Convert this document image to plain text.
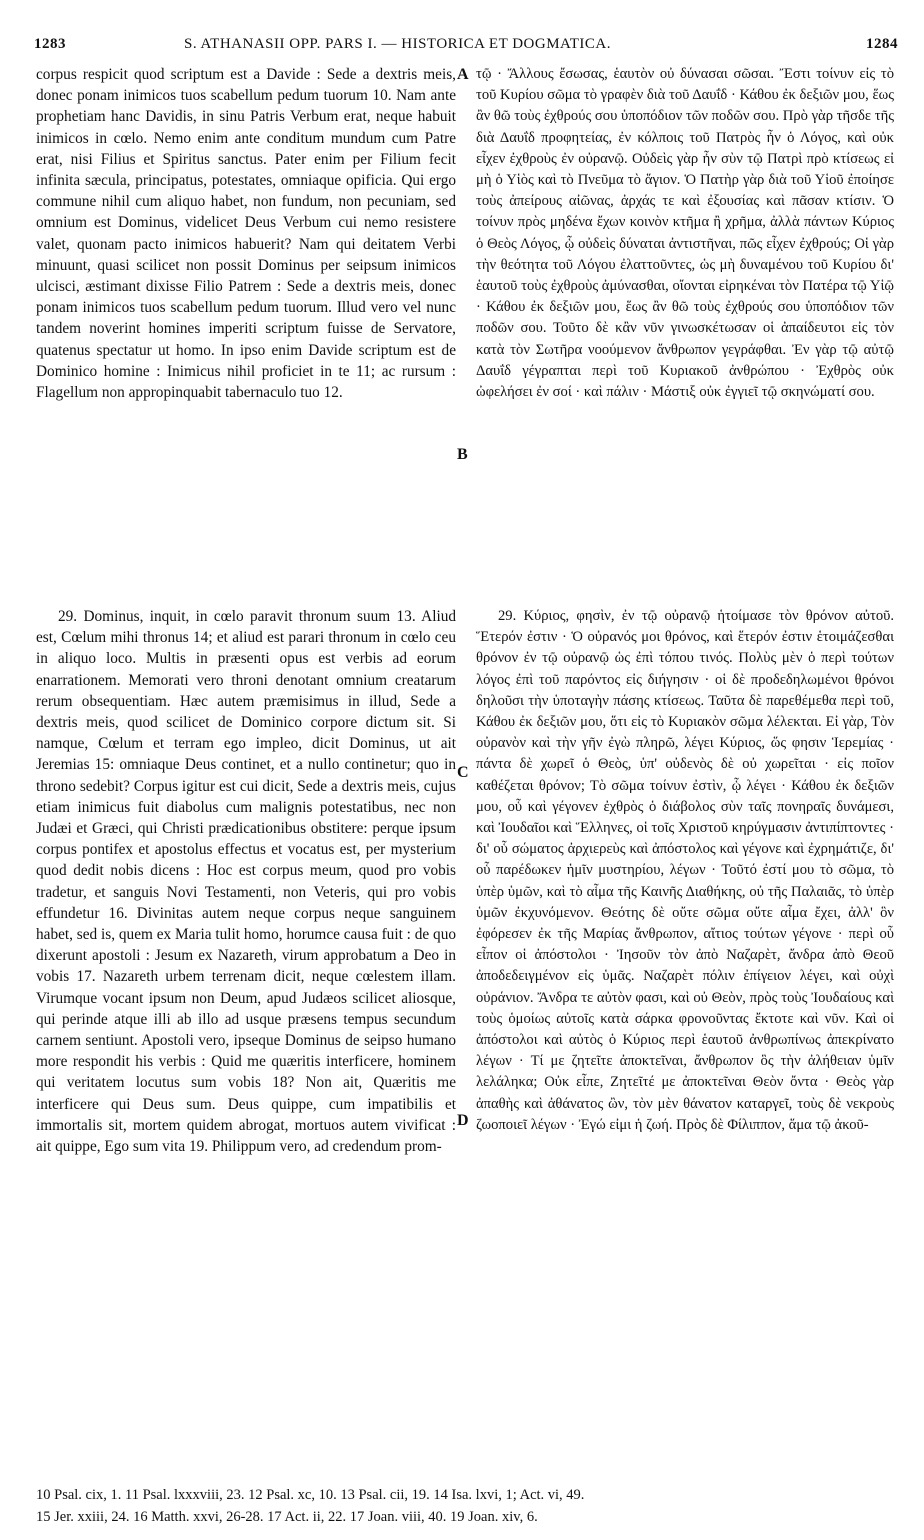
1283	S. ATHANASII OPP. PARS I. — HISTORICA ET DOGMATICA.	1284

corpus respicit quod scriptum est a Davide : Sede a dextris meis, donec ponam inimicos tuos scabellum pedum tuorum 10. Nam ante prophetiam hanc Davidis, in sinu Patris Verbum erat, neque habuit inimicos in cœlo. Nemo enim ante conditum mundum cum Patre erat, nisi Filius et Spiritus sanctus. Pater enim per Filium fecit infinita sæcula, principatus, potestates, omniaque opificia. Qui ergo commune nihil cum aliquo habet, non fundum, non pecuniam, sed omnium est Dominus, videlicet Deus Verbum cui nemo resistere valet, quonam pacto inimicos habuerit? Nam qui deitatem Verbi minuunt, quasi scilicet non possit Dominus per seipsum inimicos ulcisci, æstimant dixisse Filio Patrem : Sede a dextris meis, donec ponam inimicos tuos scabellum pedum tuorum. Illud vero vel nunc tandem noverint homines imperiti scriptum fuisse de Servatore, quatenus spectatur ut homo. In ipso enim Davide scriptum est de Dominico homine : Inimicus nihil proficiet in te 11; ac rursum : Flagellum non appropinquabit tabernaculo tuo 12.

29. Dominus, inquit, in cœlo paravit thronum suum 13. Aliud est, Cœlum mihi thronus 14; et aliud est parari thronum in cœlo ceu in aliquo loco. Multis in præsenti opus est verbis ad eorum enarrationem. Memorati vero throni denotant omnium creatarum rerum obsequentiam. Hæc autem præmisimus in illud, Sede a dextris meis, quod scilicet de Dominico corpore dictum sit. Si namque, Cœlum et terram ego impleo, dicit Dominus, ut ait Jeremias 15: omniaque Deus continet, et a nullo continetur; quo in throno sedebit? Corpus igitur est cui dicit, Sede a dextris meis, cujus etiam inimicus fuit diabolus cum malignis potestatibus, nec non Judæi et Græci, qui Christi prædicationibus obstitere: perque ipsum corpus pontifex et apostolus effectus et vocatus est, per mysterium quod dedit nobis dicens : Hoc est corpus meum, quod pro vobis tradetur, et sanguis Novi Testamenti, non Veteris, qui pro vobis effundetur 16. Divinitas autem neque corpus neque sanguinem habet, sed is, quem ex Maria tulit homo, horumce causa fuit : de quo dixerunt apostoli : Jesum ex Nazareth, virum approbatum a Deo in vobis 17. Nazareth urbem terrenam dicit, neque cœlestem illam. Virumque vocant ipsum non Deum, apud Judæos scilicet aliosque, qui perinde atque illi ab illo ad usque præsens tempus secundum carnem sentiunt. Apostoli vero, ipseque Dominus de seipso humano more respondit his verbis : Quid me quæritis interficere, hominem qui veritatem locutus sum vobis 18? Non ait, Quæritis me interficere qui Deus sum. Deus quippe, cum impatibilis et immortalis sit, mortem quidem abrogat, mortuos autem vivificat : ait quippe, Ego sum vita 19. Philippum vero, ad credendum prom-

A
B
C
D

τῷ · Ἄλλους ἔσωσας, ἑαυτὸν οὐ δύνασαι σῶσαι. Ἔστι τοίνυν εἰς τὸ τοῦ Κυρίου σῶμα τὸ γραφὲν διὰ τοῦ Δαυΐδ · Κάθου ἐκ δεξιῶν μου, ἕως ἂν θῶ τοὺς ἐχθρούς σου ὑποπόδιον τῶν ποδῶν σου. Πρὸ γὰρ τῆσδε τῆς διὰ Δαυΐδ προφητείας, ἐν κόλποις τοῦ Πατρὸς ἦν ὁ Λόγος, καὶ οὐκ εἶχεν ἐχθροὺς ἐν οὐρανῷ. Οὐδεὶς γὰρ ἦν σὺν τῷ Πατρὶ πρὸ κτίσεως εἰ μὴ ὁ Υἱὸς καὶ τὸ Πνεῦμα τὸ ἅγιον. Ὁ Πατὴρ γὰρ διὰ τοῦ Υἱοῦ ἐποίησε τοὺς ἀπείρους αἰῶνας, ἀρχάς τε καὶ ἐξουσίας καὶ πᾶσαν κτίσιν. Ὁ τοίνυν πρὸς μηδένα ἔχων κοινὸν κτῆμα ἢ χρῆμα, ἀλλὰ πάντων Κύριος ὁ Θεὸς Λόγος, ᾧ οὐδεὶς δύναται ἀντιστῆναι, πῶς εἶχεν ἐχθρούς; Οἱ γὰρ τὴν θεότητα τοῦ Λόγου ἐλαττοῦντες, ὡς μὴ δυναμένου τοῦ Κυρίου δι' ἑαυτοῦ τοὺς ἐχθροὺς ἀμύνασθαι, οἴονται εἰρηκέναι τὸν Πατέρα τῷ Υἱῷ · Κάθου ἐκ δεξιῶν μου, ἕως ἂν θῶ τοὺς ἐχθρούς σου ὑποπόδιον τῶν ποδῶν σου. Τοῦτο δὲ κἂν νῦν γινωσκέτωσαν οἱ ἀπαίδευτοι εἰς τὸν κατὰ τὸν Σωτῆρα νοούμενον ἄνθρωπον γεγράφθαι. Ἐν γὰρ τῷ αὐτῷ Δαυΐδ γέγραπται περὶ τοῦ Κυριακοῦ ἀνθρώπου · Ἐχθρὸς οὐκ ὠφελήσει ἐν σοί · καὶ πάλιν · Μάστιξ οὐκ ἐγγιεῖ τῷ σκηνώματί σου.

29. Κύριος, φησὶν, ἐν τῷ οὐρανῷ ἡτοίμασε τὸν θρόνον αὐτοῦ. Ἕτερόν ἐστιν · Ὁ οὐρανός μοι θρόνος, καὶ ἕτερόν ἐστιν ἑτοιμάζεσθαι θρόνον ἐν τῷ οὐρανῷ ὡς ἐπὶ τόπου τινός. Πολὺς μὲν ὁ περὶ τούτων λόγος ἐπὶ τοῦ παρόντος εἰς διήγησιν · οἱ δὲ προδεδηλωμένοι θρόνοι δηλοῦσι τὴν ὑποταγὴν πάσης κτίσεως. Ταῦτα δὲ παρεθέμεθα περὶ τοῦ, Κάθου ἐκ δεξιῶν μου, ὅτι εἰς τὸ Κυριακὸν σῶμα λέλεκται. Εἰ γὰρ, Τὸν οὐρανὸν καὶ τὴν γῆν ἐγὼ πληρῶ, λέγει Κύριος, ὥς φησιν Ἱερεμίας · πάντα δὲ χωρεῖ ὁ Θεὸς, ὑπ' οὐδενὸς δὲ οὐ χωρεῖται · εἰς ποῖον καθέζεται θρόνον; Τὸ σῶμα τοίνυν ἐστὶν, ᾧ λέγει · Κάθου ἐκ δεξιῶν μου, οὗ καὶ γέγονεν ἐχθρὸς ὁ διάβολος σὺν ταῖς πονηραῖς δυνάμεσι, καὶ Ἰουδαῖοι καὶ Ἕλληνες, οἱ τοῖς Χριστοῦ κηρύγμασιν ἀντιπίπτοντες · δι' οὗ σώματος ἀρχιερεὺς καὶ ἀπόστολος καὶ γέγονε καὶ ἐχρημάτιζε, δι' οὗ παρέδωκεν ἡμῖν μυστηρίου, λέγων · Τοῦτό ἐστί μου τὸ σῶμα, τὸ ὑπὲρ ὑμῶν, καὶ τὸ αἷμα τῆς Καινῆς Διαθήκης, οὐ τῆς Παλαιᾶς, τὸ ὑπὲρ ὑμῶν ἐκχυνόμενον. Θεότης δὲ οὔτε σῶμα οὔτε αἷμα ἔχει, ἀλλ' ὃν ἐφόρεσεν ἐκ τῆς Μαρίας ἄνθρωπον, αἴτιος τούτων γέγονε · περὶ οὗ εἶπον οἱ ἀπόστολοι · Ἰησοῦν τὸν ἀπὸ Ναζαρὲτ, ἄνδρα ἀπὸ Θεοῦ ἀποδεδειγμένον εἰς ὑμᾶς. Ναζαρὲτ πόλιν ἐπίγειον λέγει, καὶ οὐχὶ οὐράνιον. Ἄνδρα τε αὐτὸν φασι, καὶ οὐ Θεὸν, πρὸς τοὺς Ἰουδαίους καὶ τοὺς ὁμοίως αὐτοῖς κατὰ σάρκα φρονοῦντας ἔκτοτε καὶ νῦν. Καὶ οἱ ἀπόστολοι καὶ αὐτὸς ὁ Κύριος περὶ ἑαυτοῦ ἀνθρωπίνως ἀπεκρίνατο λέγων · Τί με ζητεῖτε ἀποκτεῖναι, ἄνθρωπον ὃς τὴν ἀλήθειαν ὑμῖν λελάληκα; Οὐκ εἶπε, Ζητεῖτέ με ἀποκτεῖναι Θεὸν ὄντα · Θεὸς γὰρ ἀπαθὴς καὶ ἀθάνατος ὢν, τὸν μὲν θάνατον καταργεῖ, τοὺς δὲ νεκροὺς ζωοποιεῖ λέγων · Ἐγώ εἰμι ἡ ζωή. Πρὸς δὲ Φίλιππον, ἅμα τῷ ἀκοῦ-

10 Psal. cix, 1. 11 Psal. lxxxviii, 23. 12 Psal. xc, 10. 13 Psal. cii, 19. 14 Isa. lxvi, 1; Act. vi, 49.
15 Jer. xxiii, 24. 16 Matth. xxvi, 26-28. 17 Act. ii, 22. 17 Joan. viii, 40. 19 Joan. xiv, 6.
